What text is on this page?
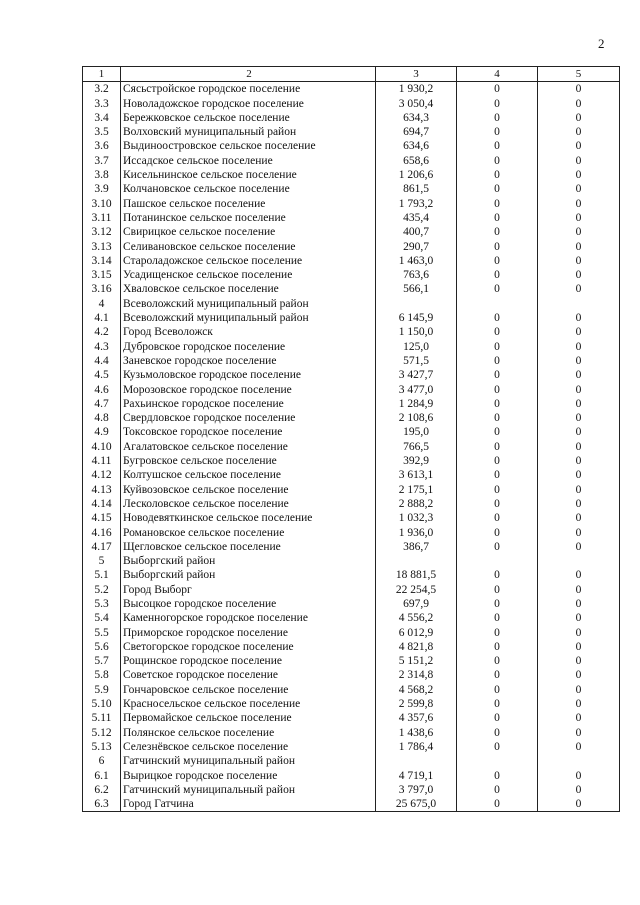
2
1	2	3	4	5
3.2	Сясьстройское городское поселение	1 930,2	0	0
3.3	Новоладожское городское поселение	3 050,4	0	0
3.4	Бережковское сельское поселение	634,3	0	0
3.5	Волховский муниципальный район	694,7	0	0
3.6	Выдиноостровское сельское поселение	634,6	0	0
3.7	Иссадское сельское поселение	658,6	0	0
3.8	Кисельнинское сельское поселение	1 206,6	0	0
3.9	Колчановское сельское поселение	861,5	0	0
3.10	Пашское сельское поселение	1 793,2	0	0
3.11	Потанинское сельское поселение	435,4	0	0
3.12	Свирицкое сельское поселение	400,7	0	0
3.13	Селивановское сельское поселение	290,7	0	0
3.14	Староладожское сельское поселение	1 463,0	0	0
3.15	Усадищенское сельское поселение	763,6	0	0
3.16	Хваловское сельское поселение	566,1	0	0
4	Всеволожский муниципальный район			
4.1	Всеволожский муниципальный район	6 145,9	0	0
4.2	Город Всеволожск	1 150,0	0	0
4.3	Дубровское городское поселение	125,0	0	0
4.4	Заневское городское поселение	571,5	0	0
4.5	Кузьмоловское городское поселение	3 427,7	0	0
4.6	Морозовское городское поселение	3 477,0	0	0
4.7	Рахьинское городское поселение	1 284,9	0	0
4.8	Свердловское городское поселение	2 108,6	0	0
4.9	Токсовское городское поселение	195,0	0	0
4.10	Агалатовское сельское поселение	766,5	0	0
4.11	Бугровское сельское поселение	392,9	0	0
4.12	Колтушское сельское поселение	3 613,1	0	0
4.13	Куйвозовское сельское поселение	2 175,1	0	0
4.14	Лесколовское сельское поселение	2 888,2	0	0
4.15	Новодевяткинское сельское поселение	1 032,3	0	0
4.16	Романовское сельское поселение	1 936,0	0	0
4.17	Щегловское сельское поселение	386,7	0	0
5	Выборгский район			
5.1	Выборгский район	18 881,5	0	0
5.2	Город Выборг	22 254,5	0	0
5.3	Высоцкое городское поселение	697,9	0	0
5.4	Каменногорское городское поселение	4 556,2	0	0
5.5	Приморское городское поселение	6 012,9	0	0
5.6	Светогорское городское поселение	4 821,8	0	0
5.7	Рощинское городское поселение	5 151,2	0	0
5.8	Советское городское поселение	2 314,8	0	0
5.9	Гончаровское сельское поселение	4 568,2	0	0
5.10	Красносельское сельское поселение	2 599,8	0	0
5.11	Первомайское сельское поселение	4 357,6	0	0
5.12	Полянское сельское поселение	1 438,6	0	0
5.13	Селезнёвское сельское поселение	1 786,4	0	0
6	Гатчинский муниципальный район			
6.1	Вырицкое городское поселение	4 719,1	0	0
6.2	Гатчинский муниципальный район	3 797,0	0	0
6.3	Город Гатчина	25 675,0	0	0
